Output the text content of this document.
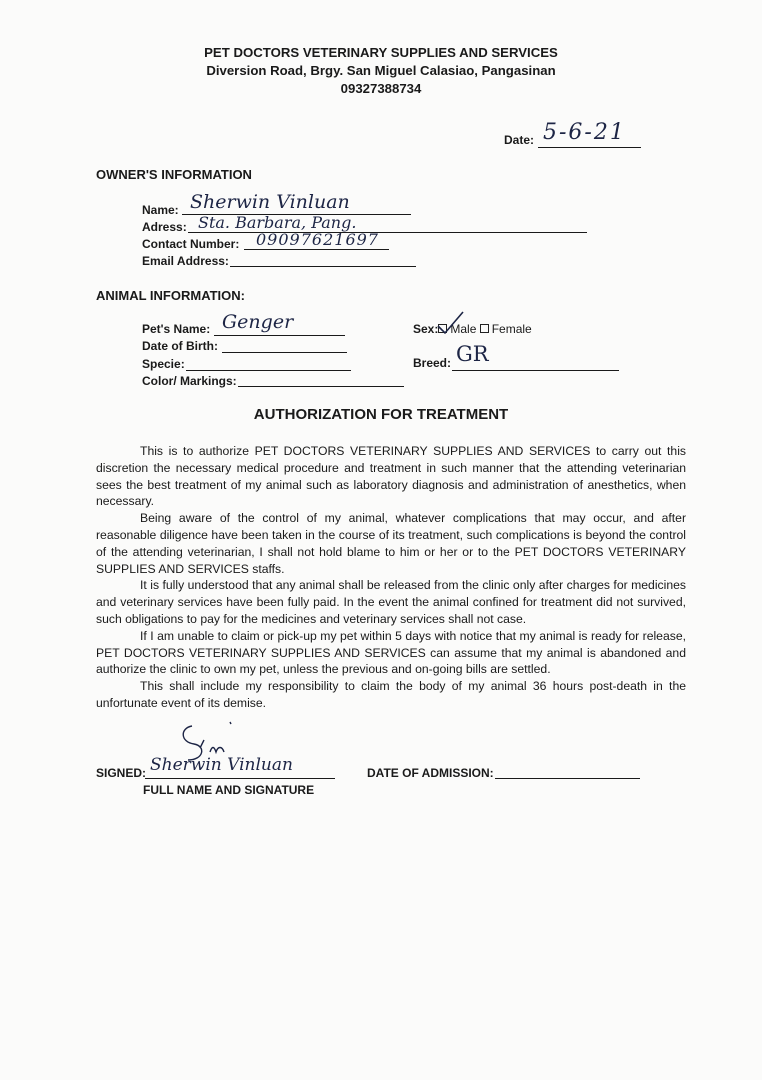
PET DOCTORS VETERINARY SUPPLIES AND SERVICES
Diversion Road, Brgy. San Miguel Calasiao, Pangasinan
09327388734
Date: 5-6-21
OWNER'S INFORMATION
Name: Sherwin Vinluan
Adress: Sta. Barbara, Pang.
Contact Number: 09097621697
Email Address:
ANIMAL INFORMATION:
Pet's Name: Genger
Date of Birth:
Specie:
Color/ Markings:
Sex: Male Female
Breed: GR
AUTHORIZATION FOR TREATMENT

This is to authorize PET DOCTORS VETERINARY SUPPLIES AND SERVICES to carry out this discretion the necessary medical procedure and treatment in such manner that the attending veterinarian sees the best treatment of my animal such as laboratory diagnosis and administration of anesthetics, when necessary.

Being aware of the control of my animal, whatever complications that may occur, and after reasonable diligence have been taken in the course of its treatment, such complications is beyond the control of the attending veterinarian, I shall not hold blame to him or her or to the PET DOCTORS VETERINARY SUPPLIES AND SERVICES staffs.

It is fully understood that any animal shall be released from the clinic only after charges for medicines and veterinary services have been fully paid. In the event the animal confined for treatment did not survived, such obligations to pay for the medicines and veterinary services shall not case.

If I am unable to claim or pick-up my pet within 5 days with notice that my animal is ready for release, PET DOCTORS VETERINARY SUPPLIES AND SERVICES can assume that my animal is abandoned and authorize the clinic to own my pet, unless the previous and on-going bills are settled.

This shall include my responsibility to claim the body of my animal 36 hours post-death in the unfortunate event of its demise.

SIGNED: Sherwin Vinluan
FULL NAME AND SIGNATURE
DATE OF ADMISSION:
